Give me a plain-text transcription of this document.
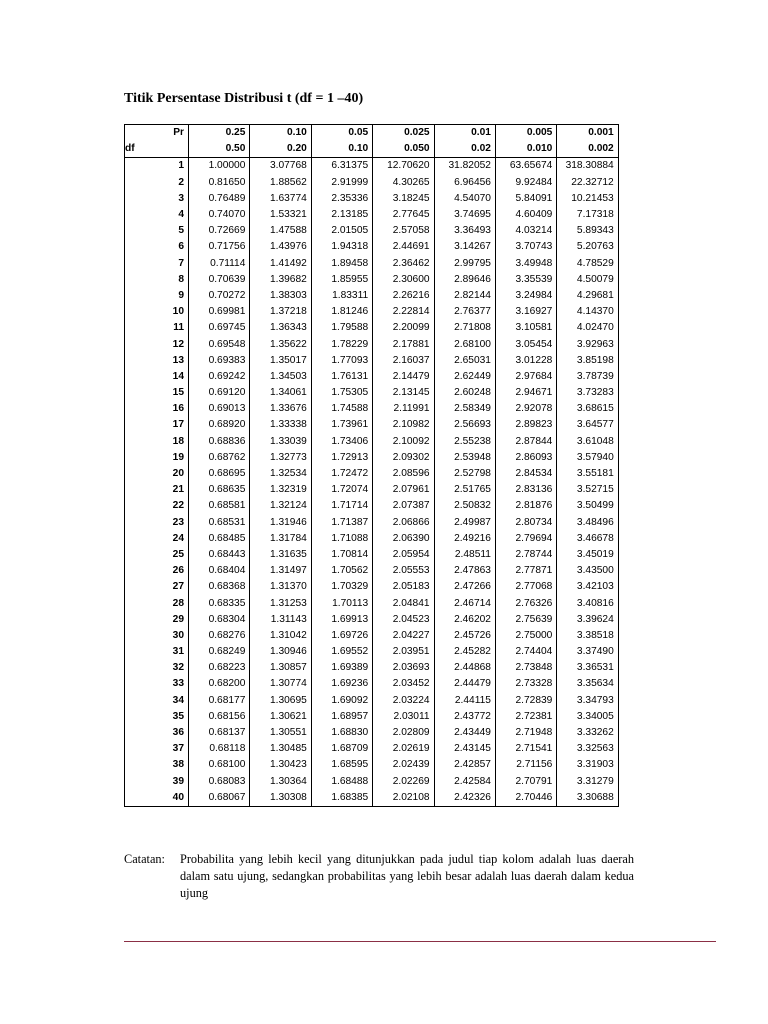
Titik Persentase Distribusi t (df = 1 –40)
Pr	0.25	0.10	0.05	0.025	0.01	0.005	0.001
df	0.50	0.20	0.10	0.050	0.02	0.010	0.002
1	1.00000	3.07768	6.31375	12.70620	31.82052	63.65674	318.30884
2	0.81650	1.88562	2.91999	4.30265	6.96456	9.92484	22.32712
3	0.76489	1.63774	2.35336	3.18245	4.54070	5.84091	10.21453
4	0.74070	1.53321	2.13185	2.77645	3.74695	4.60409	7.17318
5	0.72669	1.47588	2.01505	2.57058	3.36493	4.03214	5.89343
6	0.71756	1.43976	1.94318	2.44691	3.14267	3.70743	5.20763
7	0.71114	1.41492	1.89458	2.36462	2.99795	3.49948	4.78529
8	0.70639	1.39682	1.85955	2.30600	2.89646	3.35539	4.50079
9	0.70272	1.38303	1.83311	2.26216	2.82144	3.24984	4.29681
10	0.69981	1.37218	1.81246	2.22814	2.76377	3.16927	4.14370
11	0.69745	1.36343	1.79588	2.20099	2.71808	3.10581	4.02470
12	0.69548	1.35622	1.78229	2.17881	2.68100	3.05454	3.92963
13	0.69383	1.35017	1.77093	2.16037	2.65031	3.01228	3.85198
14	0.69242	1.34503	1.76131	2.14479	2.62449	2.97684	3.78739
15	0.69120	1.34061	1.75305	2.13145	2.60248	2.94671	3.73283
16	0.69013	1.33676	1.74588	2.11991	2.58349	2.92078	3.68615
17	0.68920	1.33338	1.73961	2.10982	2.56693	2.89823	3.64577
18	0.68836	1.33039	1.73406	2.10092	2.55238	2.87844	3.61048
19	0.68762	1.32773	1.72913	2.09302	2.53948	2.86093	3.57940
20	0.68695	1.32534	1.72472	2.08596	2.52798	2.84534	3.55181
21	0.68635	1.32319	1.72074	2.07961	2.51765	2.83136	3.52715
22	0.68581	1.32124	1.71714	2.07387	2.50832	2.81876	3.50499
23	0.68531	1.31946	1.71387	2.06866	2.49987	2.80734	3.48496
24	0.68485	1.31784	1.71088	2.06390	2.49216	2.79694	3.46678
25	0.68443	1.31635	1.70814	2.05954	2.48511	2.78744	3.45019
26	0.68404	1.31497	1.70562	2.05553	2.47863	2.77871	3.43500
27	0.68368	1.31370	1.70329	2.05183	2.47266	2.77068	3.42103
28	0.68335	1.31253	1.70113	2.04841	2.46714	2.76326	3.40816
29	0.68304	1.31143	1.69913	2.04523	2.46202	2.75639	3.39624
30	0.68276	1.31042	1.69726	2.04227	2.45726	2.75000	3.38518
31	0.68249	1.30946	1.69552	2.03951	2.45282	2.74404	3.37490
32	0.68223	1.30857	1.69389	2.03693	2.44868	2.73848	3.36531
33	0.68200	1.30774	1.69236	2.03452	2.44479	2.73328	3.35634
34	0.68177	1.30695	1.69092	2.03224	2.44115	2.72839	3.34793
35	0.68156	1.30621	1.68957	2.03011	2.43772	2.72381	3.34005
36	0.68137	1.30551	1.68830	2.02809	2.43449	2.71948	3.33262
37	0.68118	1.30485	1.68709	2.02619	2.43145	2.71541	3.32563
38	0.68100	1.30423	1.68595	2.02439	2.42857	2.71156	3.31903
39	0.68083	1.30364	1.68488	2.02269	2.42584	2.70791	3.31279
40	0.68067	1.30308	1.68385	2.02108	2.42326	2.70446	3.30688
Catatan: Probabilita yang lebih kecil yang ditunjukkan pada judul tiap kolom adalah luas daerah dalam satu ujung, sedangkan probabilitas yang lebih besar adalah luas daerah dalam kedua ujung
